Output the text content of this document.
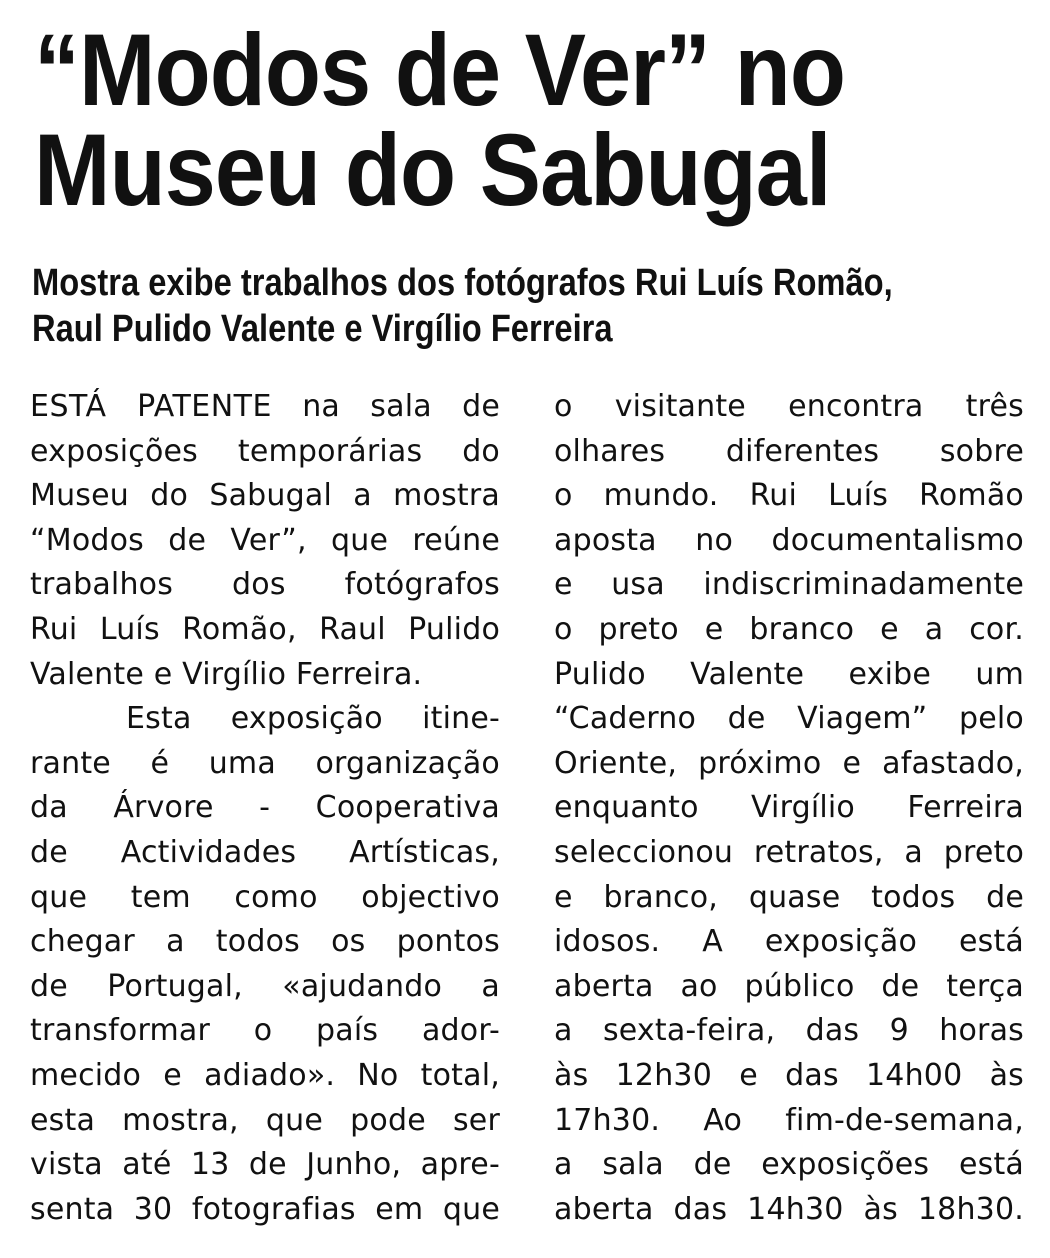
“Modos de Ver” no
Museu do Sabugal
Mostra exibe trabalhos dos fotógrafos Rui Luís Romão,
Raul Pulido Valente e Virgílio Ferreira
ESTÁ PATENTE na sala de
exposições temporárias do
Museu do Sabugal a mostra
“Modos de Ver”, que reúne
trabalhos dos fotógrafos
Rui Luís Romão, Raul Pulido
Valente e Virgílio Ferreira.
Esta exposição itine-
rante é uma organização
da Árvore - Cooperativa
de Actividades Artísticas,
que tem como objectivo
chegar a todos os pontos
de Portugal, «ajudando a
transformar o país ador-
mecido e adiado». No total,
esta mostra, que pode ser
vista até 13 de Junho, apre-
senta 30 fotografias em que
o visitante encontra três
olhares diferentes sobre
o mundo. Rui Luís Romão
aposta no documentalismo
e usa indiscriminadamente
o preto e branco e a cor.
Pulido Valente exibe um
“Caderno de Viagem” pelo
Oriente, próximo e afastado,
enquanto Virgílio Ferreira
seleccionou retratos, a preto
e branco, quase todos de
idosos. A exposição está
aberta ao público de terça
a sexta-feira, das 9 horas
às 12h30 e das 14h00 às
17h30. Ao fim-de-semana,
a sala de exposições está
aberta das 14h30 às 18h30.
